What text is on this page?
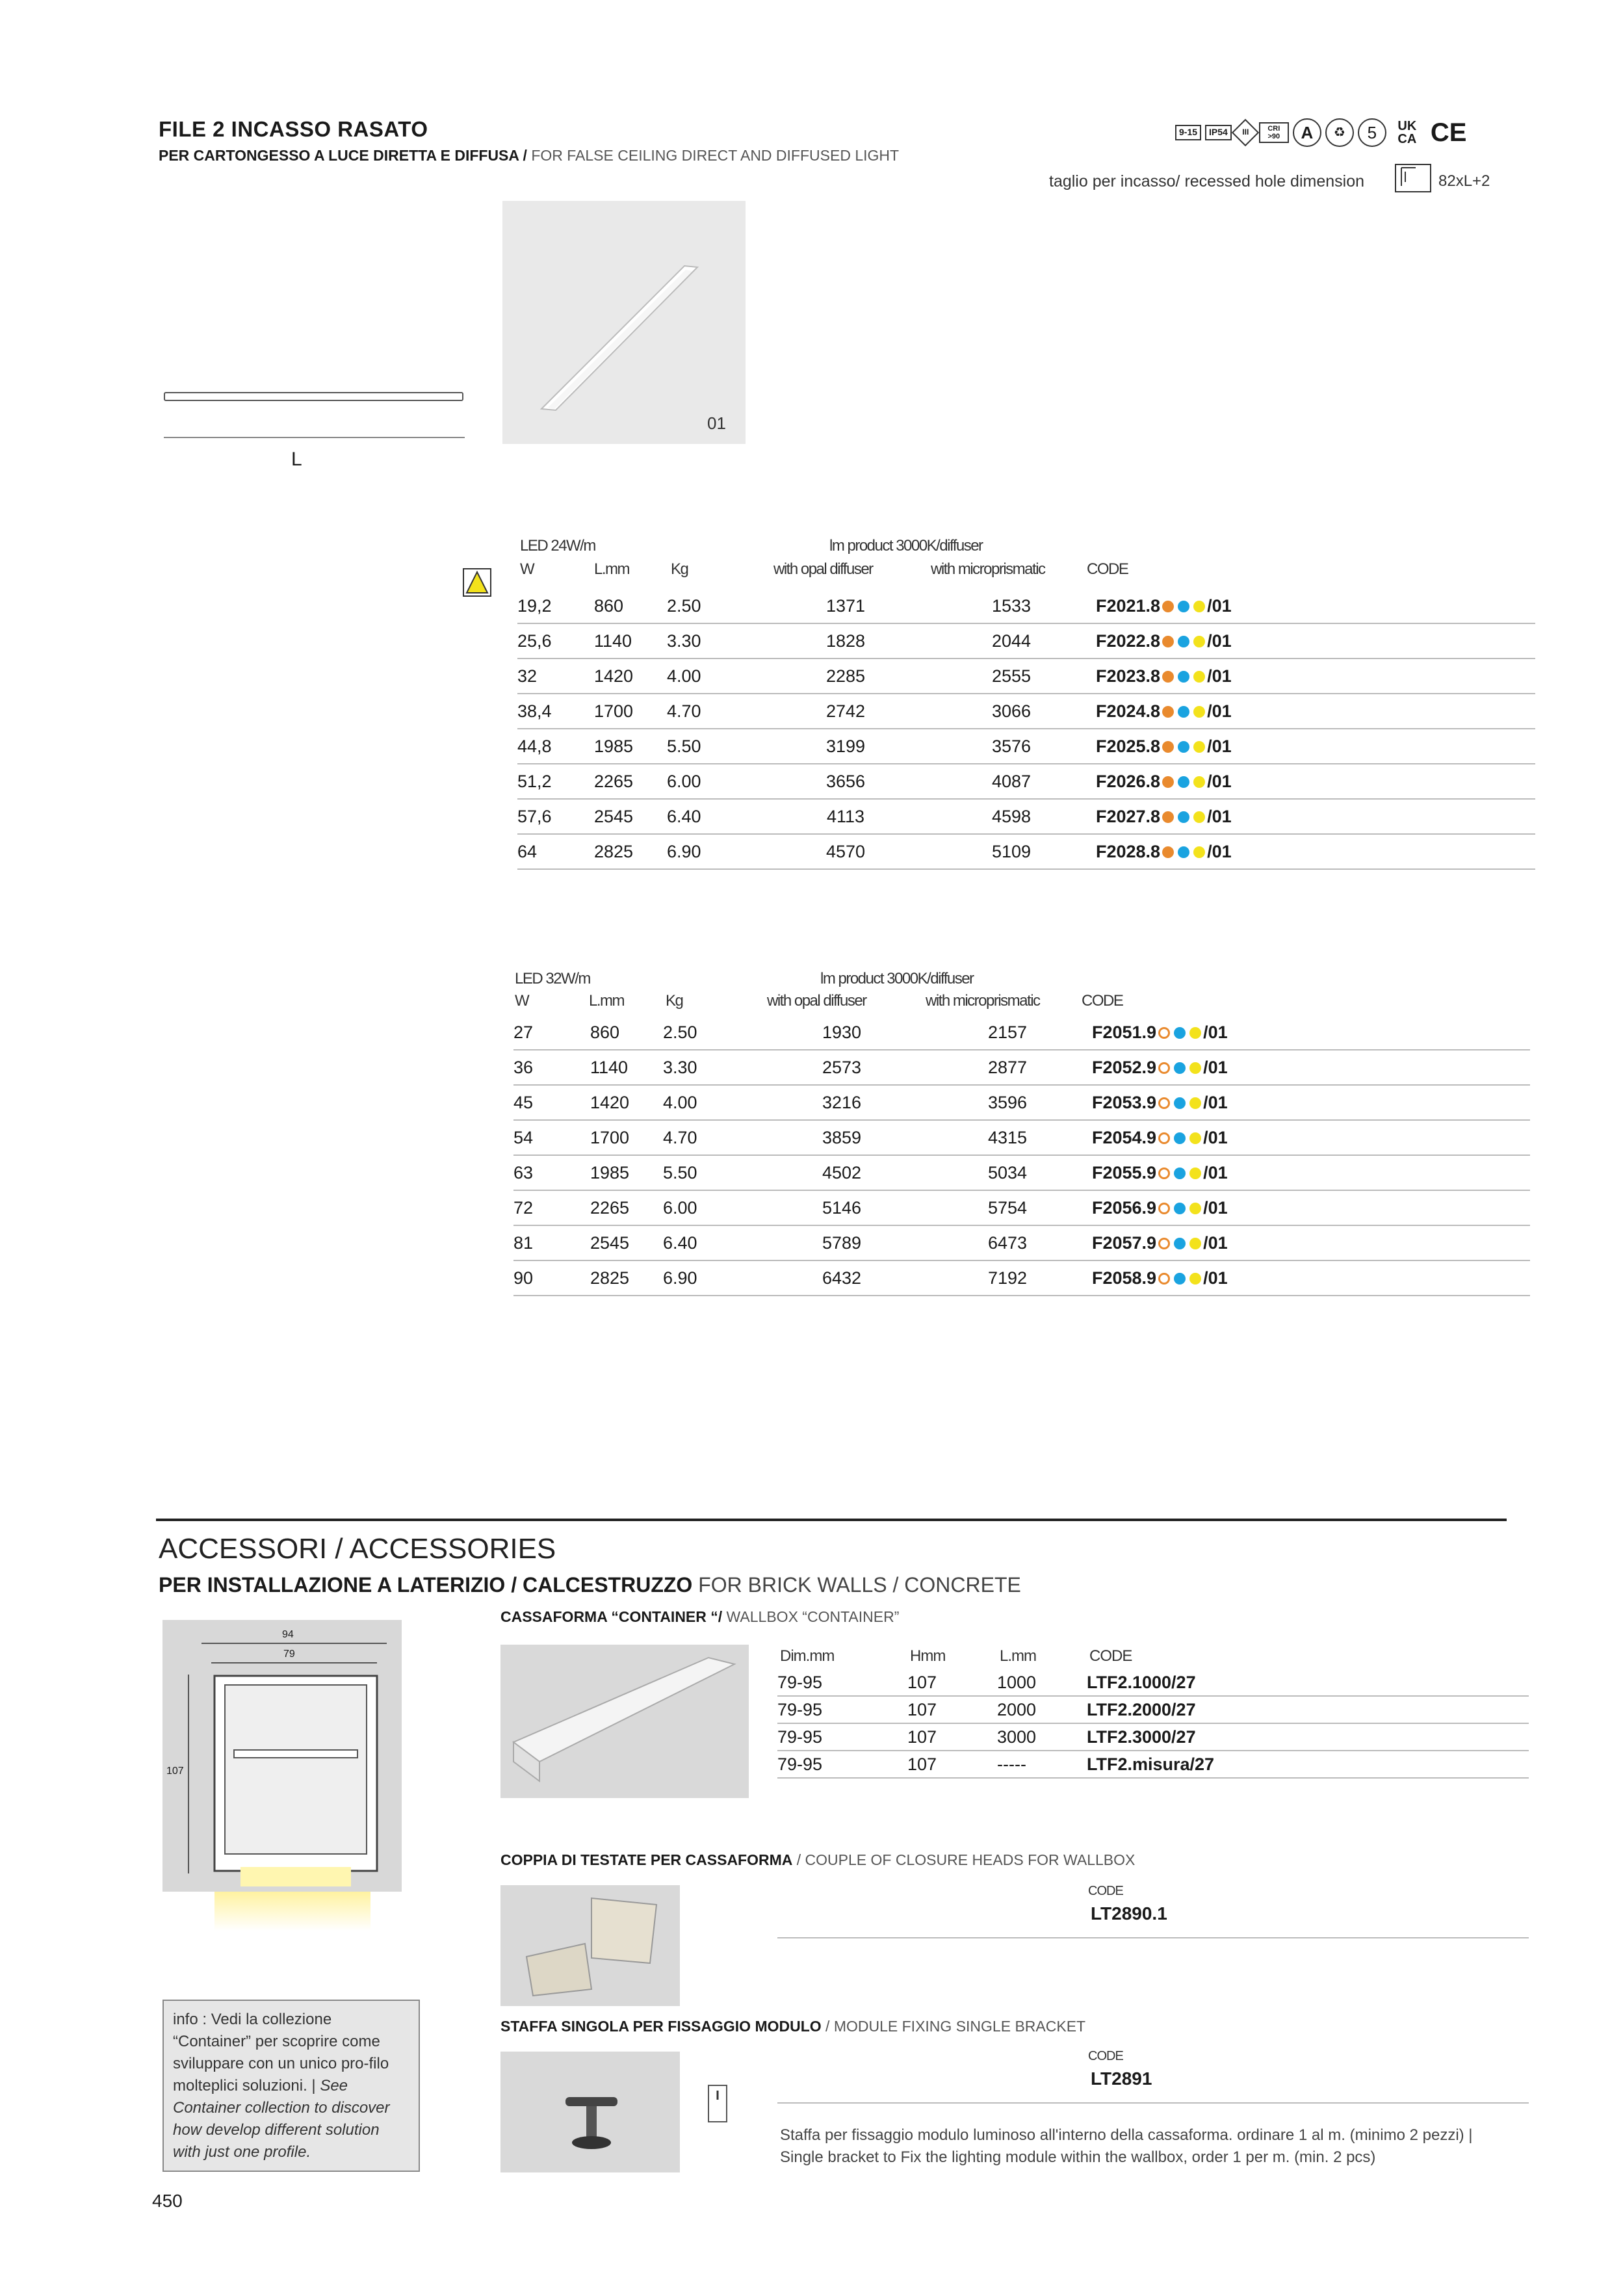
FILE 2 INCASSO RASATO
PER CARTONGESSO A LUCE DIRETTA E DIFFUSA / FOR FALSE CEILING DIRECT AND DIFFUSED LIGHT
9-15	IP54	III	CRI >90	A	♻	5	UK CA CE
taglio per incasso/ recessed hole dimension	82xL+2
01
L
LED 24W/m	lm product 3000K/diffuser
W	L.mm	Kg	with opal diffuser	with microprismatic	CODE
19,2	860	2.50	1371	1533	F2021.8 /01
25,6	1140	3.30	1828	2044	F2022.8 /01
32	1420	4.00	2285	2555	F2023.8 /01
38,4	1700	4.70	2742	3066	F2024.8 /01
44,8	1985	5.50	3199	3576	F2025.8 /01
51,2	2265	6.00	3656	4087	F2026.8 /01
57,6	2545	6.40	4113	4598	F2027.8 /01
64	2825	6.90	4570	5109	F2028.8 /01
LED 32W/m	lm product 3000K/diffuser
W	L.mm	Kg	with opal diffuser	with microprismatic	CODE
27	860	2.50	1930	2157	F2051.9 /01
36	1140	3.30	2573	2877	F2052.9 /01
45	1420	4.00	3216	3596	F2053.9 /01
54	1700	4.70	3859	4315	F2054.9 /01
63	1985	5.50	4502	5034	F2055.9 /01
72	2265	6.00	5146	5754	F2056.9 /01
81	2545	6.40	5789	6473	F2057.9 /01
90	2825	6.90	6432	7192	F2058.9 /01
ACCESSORI / ACCESSORIES
PER INSTALLAZIONE A LATERIZIO / CALCESTRUZZO FOR BRICK WALLS / CONCRETE
94
79
107
CASSAFORMA “CONTAINER “/ WALLBOX “CONTAINER”
Dim.mm	Hmm	L.mm	CODE
79-95	107	1000	LTF2.1000/27	
79-95	107	2000	LTF2.2000/27	
79-95	107	3000	LTF2.3000/27	
79-95	107	-----	LTF2.misura/27	
COPPIA DI TESTATE PER CASSAFORMA / COUPLE OF CLOSURE HEADS FOR WALLBOX
CODE
LT2890.1
STAFFA SINGOLA PER FISSAGGIO MODULO / MODULE FIXING SINGLE BRACKET
CODE
LT2891
Staffa per fissaggio modulo luminoso all'interno della cassaforma. ordinare 1 al m. (minimo 2 pezzi) |
Single bracket to Fix the lighting module within the wallbox, order 1 per m. (min. 2 pcs)
info : Vedi la collezione “Container” per scoprire come sviluppare con un unico pro-filo molteplici soluzioni. | See Container collection to discover how develop different solution with just one profile.
450
